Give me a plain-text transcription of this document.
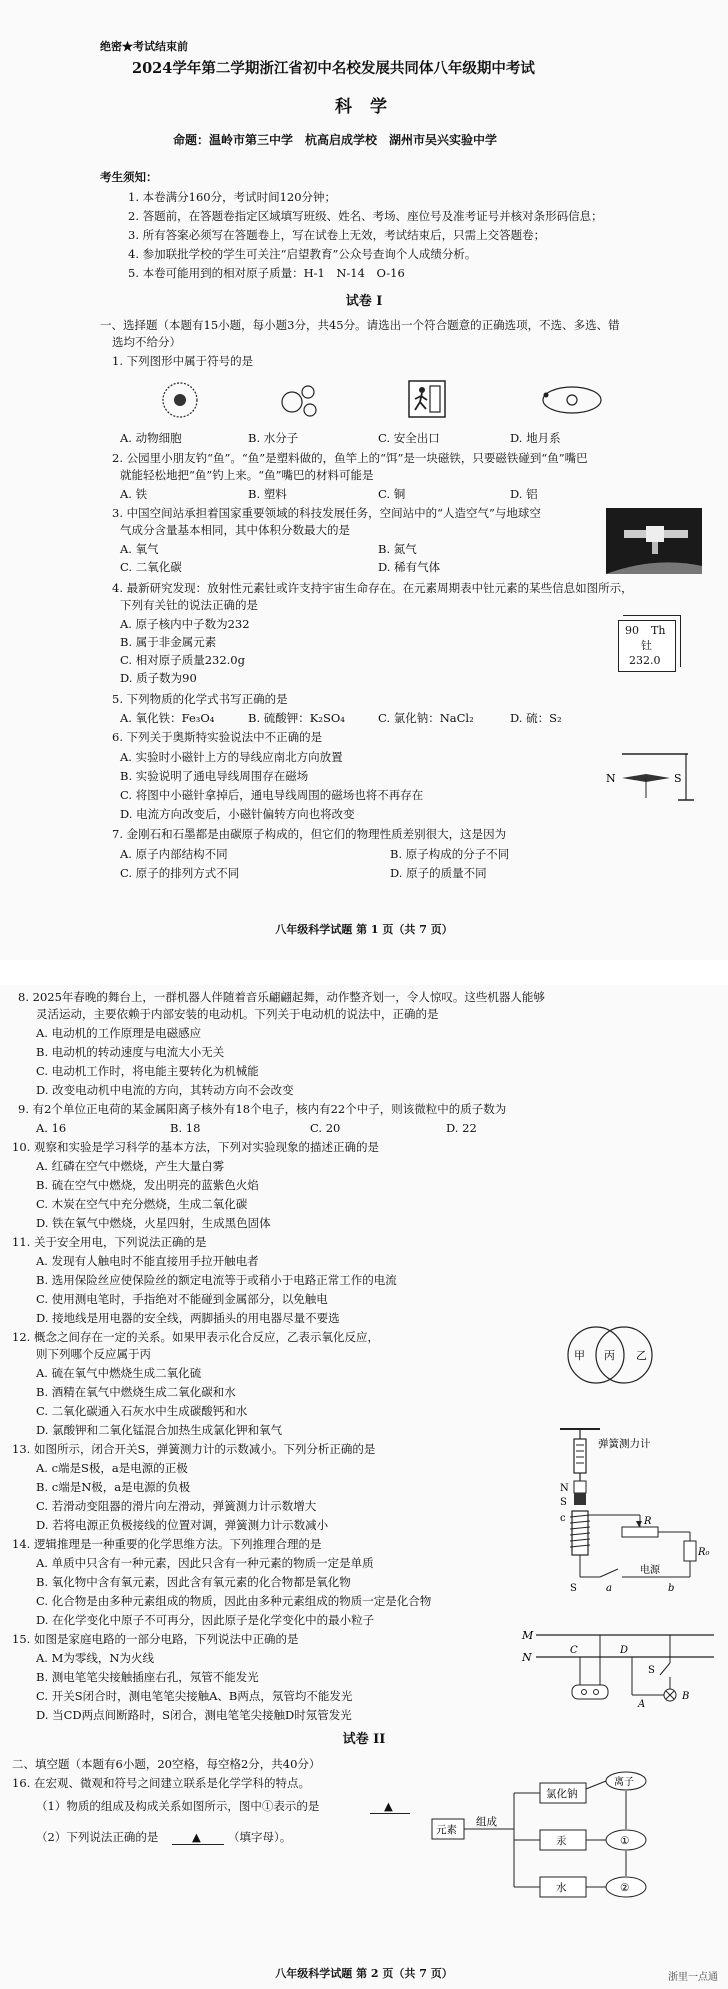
绝密★考试结束前
2024学年第二学期浙江省初中名校发展共同体八年级期中考试
科 学
命题：温岭市第三中学　杭高启成学校　湖州市吴兴实验中学
考生须知：
1. 本卷满分160分，考试时间120分钟；
2. 答题前，在答题卷指定区域填写班级、姓名、考场、座位号及准考证号并核对条形码信息；
3. 所有答案必须写在答题卷上，写在试卷上无效，考试结束后，只需上交答题卷；
4. 参加联批学校的学生可关注“启望教育”公众号查询个人成绩分析。
5. 本卷可能用到的相对原子质量：H-1　N-14　O-16
试卷 I
一、选择题（本题有15小题，每小题3分，共45分。请选出一个符合题意的正确选项，不选、多选、错
选均不给分）
1. 下列图形中属于符号的是
A. 动物细胞	B. 水分子	C. 安全出口	D. 地月系
2. 公园里小朋友钓“鱼”。“鱼”是塑料做的，鱼竿上的“饵”是一块磁铁，只要磁铁碰到“鱼”嘴巴
就能轻松地把“鱼”钓上来。“鱼”嘴巴的材料可能是
A. 铁	B. 塑料	C. 铜	D. 铝
3. 中国空间站承担着国家重要领域的科技发展任务，空间站中的“人造空气”与地球空
气成分含量基本相同，其中体积分数最大的是
A. 氧气	B. 氮气
C. 二氧化碳	D. 稀有气体
4. 最新研究发现：放射性元素钍或许支持宇宙生命存在。在元素周期表中钍元素的某些信息如图所示，
下列有关钍的说法正确的是
A. 原子核内中子数为232
B. 属于非金属元素
C. 相对原子质量232.0g
D. 质子数为90
90 Th
钍
232.0
5. 下列物质的化学式书写正确的是
A. 氧化铁：Fe₃O₄	B. 硫酸钾：K₂SO₄	C. 氯化钠：NaCl₂	D. 硫：S₂
6. 下列关于奥斯特实验说法中不正确的是
A. 实验时小磁针上方的导线应南北方向放置
B. 实验说明了通电导线周围存在磁场
C. 将图中小磁针拿掉后，通电导线周围的磁场也将不再存在
D. 电流方向改变后，小磁针偏转方向也将改变
N	S
7. 金刚石和石墨都是由碳原子构成的，但它们的物理性质差别很大，这是因为
A. 原子内部结构不同	B. 原子构成的分子不同
C. 原子的排列方式不同	D. 原子的质量不同
八年级科学试题 第 1 页（共 7 页）
8. 2025年春晚的舞台上，一群机器人伴随着音乐翩翩起舞，动作整齐划一，令人惊叹。这些机器人能够
灵活运动，主要依赖于内部安装的电动机。下列关于电动机的说法中，正确的是
A. 电动机的工作原理是电磁感应
B. 电动机的转动速度与电流大小无关
C. 电动机工作时，将电能主要转化为机械能
D. 改变电动机中电流的方向，其转动方向不会改变
9. 有2个单位正电荷的某金属阳离子核外有18个电子，核内有22个中子，则该微粒中的质子数为
A. 16	B. 18	C. 20	D. 22
10. 观察和实验是学习科学的基本方法，下列对实验现象的描述正确的是
A. 红磷在空气中燃烧，产生大量白雾
B. 硫在空气中燃烧，发出明亮的蓝紫色火焰
C. 木炭在空气中充分燃烧，生成二氧化碳
D. 铁在氧气中燃烧，火星四射，生成黑色固体
11. 关于安全用电，下列说法正确的是
A. 发现有人触电时不能直接用手拉开触电者
B. 选用保险丝应使保险丝的额定电流等于或稍小于电路正常工作的电流
C. 使用测电笔时，手指绝对不能碰到金属部分，以免触电
D. 接地线是用电器的安全线，两脚插头的用电器尽量不要选
12. 概念之间存在一定的关系。如果甲表示化合反应，乙表示氧化反应，
则下列哪个反应属于丙
A. 硫在氧气中燃烧生成二氧化硫
B. 酒精在氧气中燃烧生成二氧化碳和水
C. 二氧化碳通入石灰水中生成碳酸钙和水
D. 氯酸钾和二氧化锰混合加热生成氯化钾和氧气
甲 丙 乙
13. 如图所示，闭合开关S，弹簧测力计的示数减小。下列分析正确的是
A. c端是S极，a是电源的正极
B. c端是N极，a是电源的负极
C. 若滑动变阻器的滑片向左滑动，弹簧测力计示数增大
D. 若将电源正负极接线的位置对调，弹簧测力计示数减小
弹簧测力计
N
S
c	R
R₀
S	a
电源
b
14. 逻辑推理是一种重要的化学思维方法。下列推理合理的是
A. 单质中只含有一种元素，因此只含有一种元素的物质一定是单质
B. 氧化物中含有氧元素，因此含有氧元素的化合物都是氧化物
C. 化合物是由多种元素组成的物质，因此由多种元素组成的物质一定是化合物
D. 在化学变化中原子不可再分，因此原子是化学变化中的最小粒子
15. 如图是家庭电路的一部分电路，下列说法中正确的是
A. M为零线，N为火线
B. 测电笔笔尖接触插座右孔，氖管不能发光
C. 开关S闭合时，测电笔笔尖接触A、B两点，氖管均不能发光
D. 当CD两点间断路时，S闭合，测电笔笔尖接触D时氖管发光
M
N
C	D
S
A
B
试卷 II
二、填空题（本题有6小题，20空格，每空格2分，共40分）
16. 在宏观、微观和符号之间建立联系是化学学科的特点。
（1）物质的组成及构成关系如图所示，图中①表示的是	▲
（2）下列说法正确的是	▲ （填字母）。	元素
组成
氯化钠
汞
水
离子
①
②
八年级科学试题 第 2 页（共 7 页）	浙里一点通
